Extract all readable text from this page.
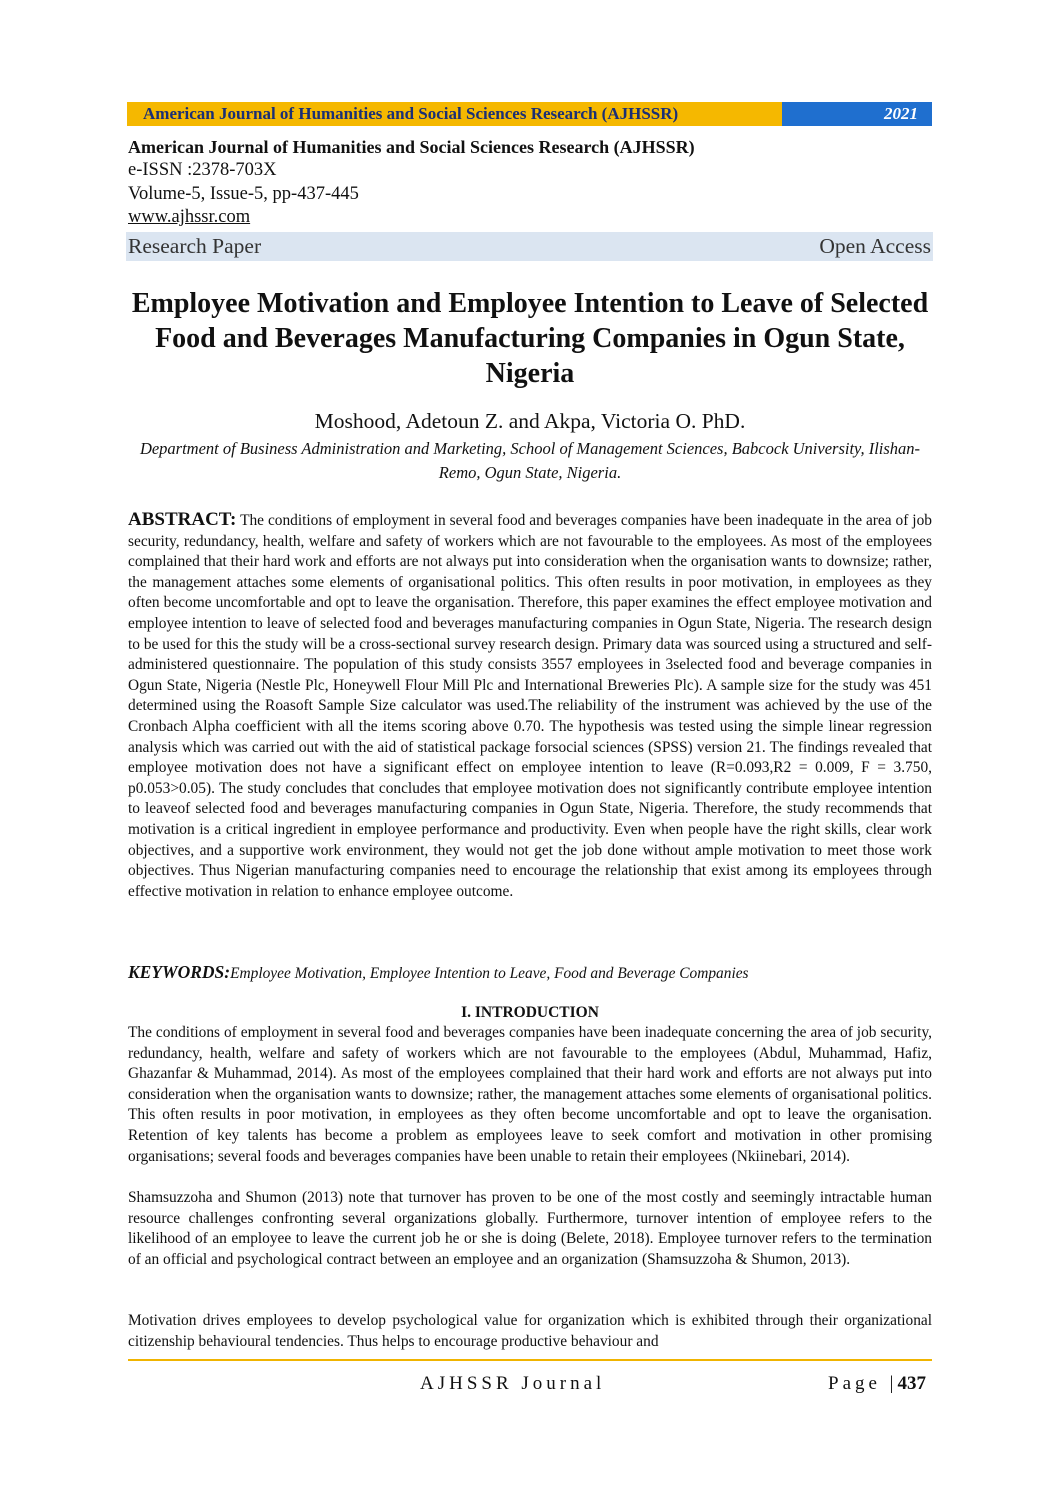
American Journal of Humanities and Social Sciences Research (AJHSSR)	2021
American Journal of Humanities and Social Sciences Research (AJHSSR)
e-ISSN :2378-703X
Volume-5, Issue-5, pp-437-445
www.ajhssr.com
Research Paper	Open Access
Employee Motivation and Employee Intention to Leave of Selected Food and Beverages Manufacturing Companies in Ogun State, Nigeria
Moshood, Adetoun Z. and Akpa, Victoria O. PhD.
Department of Business Administration and Marketing, School of Management Sciences, Babcock University, Ilishan-Remo, Ogun State, Nigeria.

ABSTRACT: The conditions of employment in several food and beverages companies have been inadequate in the area of job security, redundancy, health, welfare and safety of workers which are not favourable to the employees. As most of the employees complained that their hard work and efforts are not always put into consideration when the organisation wants to downsize; rather, the management attaches some elements of organisational politics. This often results in poor motivation, in employees as they often become uncomfortable and opt to leave the organisation. Therefore, this paper examines the effect employee motivation and employee intention to leave of selected food and beverages manufacturing companies in Ogun State, Nigeria. The research design to be used for this the study will be a cross-sectional survey research design. Primary data was sourced using a structured and self-administered questionnaire. The population of this study consists 3557 employees in 3selected food and beverage companies in Ogun State, Nigeria (Nestle Plc, Honeywell Flour Mill Plc and International Breweries Plc). A sample size for the study was 451 determined using the Roasoft Sample Size calculator was used.The reliability of the instrument was achieved by the use of the Cronbach Alpha coefficient with all the items scoring above 0.70. The hypothesis was tested using the simple linear regression analysis which was carried out with the aid of statistical package forsocial sciences (SPSS) version 21. The findings revealed that employee motivation does not have a significant effect on employee intention to leave (R=0.093,R2 = 0.009, F = 3.750, p0.053>0.05). The study concludes that concludes that employee motivation does not significantly contribute employee intention to leaveof selected food and beverages manufacturing companies in Ogun State, Nigeria. Therefore, the study recommends that motivation is a critical ingredient in employee performance and productivity. Even when people have the right skills, clear work objectives, and a supportive work environment, they would not get the job done without ample motivation to meet those work objectives. Thus Nigerian manufacturing companies need to encourage the relationship that exist among its employees through effective motivation in relation to enhance employee outcome.

KEYWORDS:Employee Motivation, Employee Intention to Leave, Food and Beverage Companies

I. INTRODUCTION

The conditions of employment in several food and beverages companies have been inadequate concerning the area of job security, redundancy, health, welfare and safety of workers which are not favourable to the employees (Abdul, Muhammad, Hafiz, Ghazanfar & Muhammad, 2014). As most of the employees complained that their hard work and efforts are not always put into consideration when the organisation wants to downsize; rather, the management attaches some elements of organisational politics. This often results in poor motivation, in employees as they often become uncomfortable and opt to leave the organisation. Retention of key talents has become a problem as employees leave to seek comfort and motivation in other promising organisations; several foods and beverages companies have been unable to retain their employees (Nkiinebari, 2014).

Shamsuzzoha and Shumon (2013) note that turnover has proven to be one of the most costly and seemingly intractable human resource challenges confronting several organizations globally. Furthermore, turnover intention of employee refers to the likelihood of an employee to leave the current job he or she is doing (Belete, 2018). Employee turnover refers to the termination of an official and psychological contract between an employee and an organization (Shamsuzzoha & Shumon, 2013).

Motivation drives employees to develop psychological value for organization which is exhibited through their organizational citizenship behavioural tendencies. Thus helps to encourage productive behaviour and

AJHSSR Journal	Page |437
